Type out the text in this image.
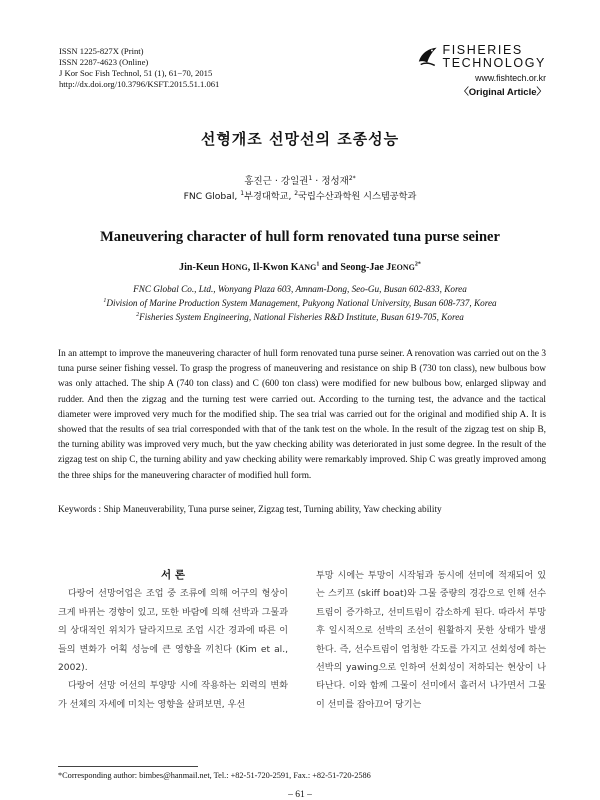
ISSN 1225-827X (Print)
ISSN 2287-4623 (Online)
J Kor Soc Fish Technol, 51 (1), 61−70, 2015
http://dx.doi.org/10.3796/KSFT.2015.51.1.061
FISHERIES
TECHNOLOGY
www.fishtech.or.kr
〈Original Article〉
선형개조 선망선의 조종성능
홍진근 · 강일권$^1$ · 정성재$^{2*}$
FNC Global, $^1$부경대학교, $^2$국립수산과학원 시스템공학과
Maneuvering character of hull form renovated tuna purse seiner
Jin-Keun HONG, Il-Kwon KANG$^1$ and Seong-Jae $JEONG^{2*}$
FNC Global Co., Ltd., Wonyang Plaza 603, Amnam-Dong, Seo-Gu, Busan 602-833, Korea
$^1$Division of Marine Production System Management, Pukyong National University, Busan 608-737, Korea
$^2$Fisheries System Engineering, National Fisheries R&D Institute, Busan 619-705, Korea
In an attempt to improve the maneuvering character of hull form renovated tuna purse seiner. A renovation was carried out on the 3 tuna purse seiner fishing vessel. To grasp the progress of maneuvering and resistance on ship B (730 ton class), new bulbous bow was only attached. The ship A (740 ton class) and C (600 ton class) were modified for new bulbous bow, enlarged slipway and rudder. And then the zigzag and the turning test were carried out. According to the turning test, the advance and the tactical diameter were improved very much for the modified ship. The sea trial was carried out for the original and modified ship A. It is showed that the results of sea trial corresponded with that of the tank test on the whole. In the result of the zigzag test on ship B, the turning ability was improved very much, but the yaw checking ability was deteriorated in just some degree. In the result of the zigzag test on ship C, the turning ability and yaw checking ability were remarkably improved. Ship C was greatly improved among the three ships for the maneuvering character of modified hull form.
Keywords : Ship Maneuverability, Tuna purse seiner, Zigzag test, Turning ability, Yaw checking ability
서 론

다랑어 선망어업은 조업 중 조류에 의해 어구의 형상이 크게 바뀌는 경향이 있고, 또한 바람에 의해 선박과 그물과의 상대적인 위치가 달라지므로 조업 시간 경과에 따른 이들의 변화가 어획 성능에 큰 영향을 끼친다 (Kim et al., 2002).

다랑어 선망 어선의 투양망 시에 작용하는 외력의 변화가 선체의 자세에 미치는 영향을 살펴보면, 우선

투망 시에는 투망이 시작됨과 동시에 선미에 적재되어 있는 스키프 (skiff boat)와 그물 중량의 경감으로 인해 선수트림이 증가하고, 선미트림이 감소하게 된다. 따라서 투망 후 일시적으로 선박의 조선이 원활하지 못한 상태가 발생한다. 즉, 선수트림이 엄청한 각도를 가지고 선회성에 하는 선박의 yawing으로 인하여 선회성이 저하되는 현상이 나타난다. 이와 함께 그물이 선미에서 흘러서 나가면서 그물이 선미를 잡아끄어 당기는

*Corresponding author: bimbes@hanmail.net, Tel.: +82-51-720-2591, Fax.: +82-51-720-2586
– 61 –
